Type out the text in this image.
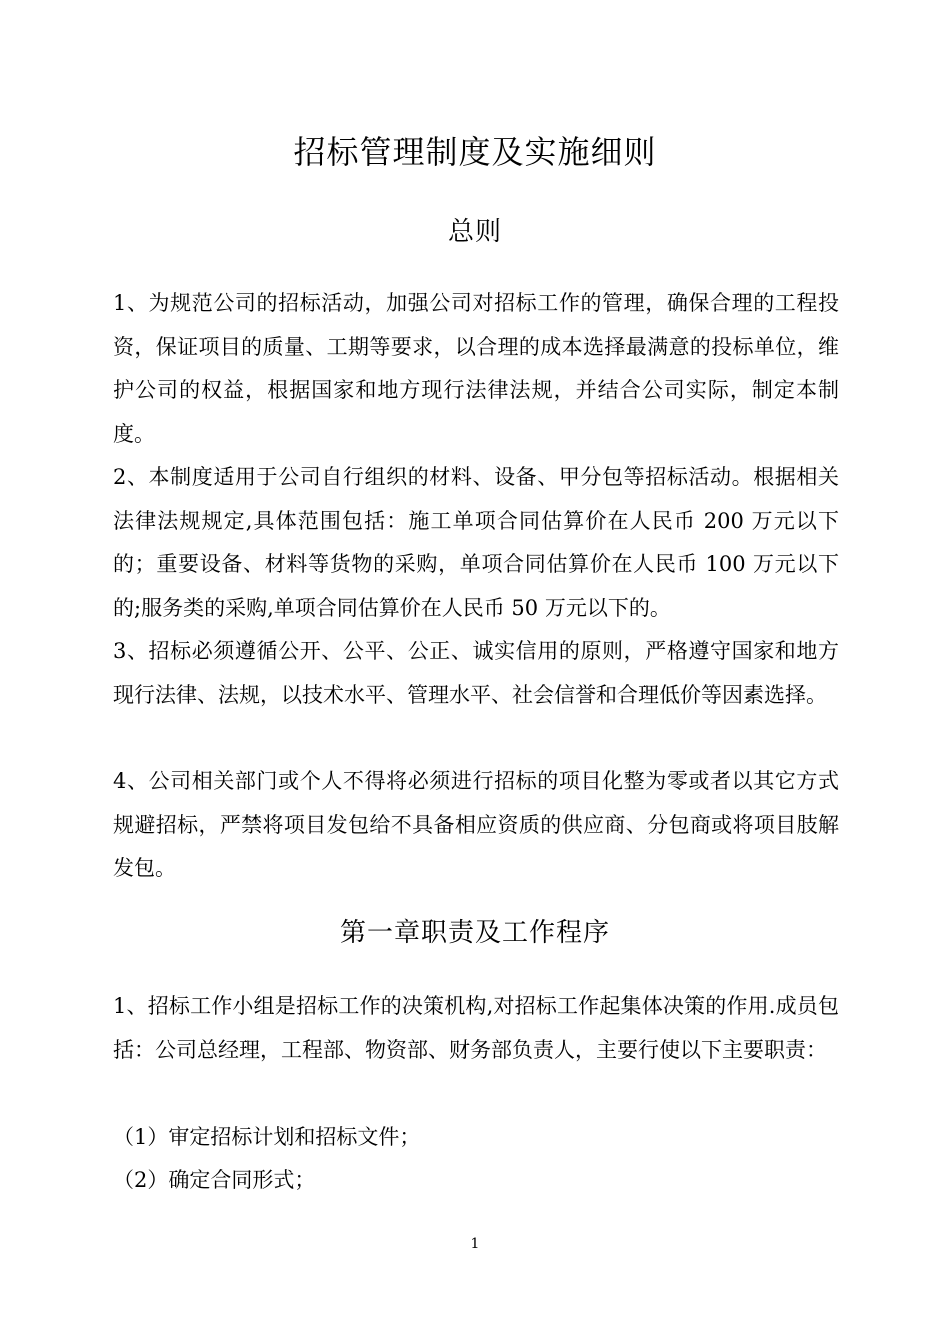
招标管理制度及实施细则
总则
1、为规范公司的招标活动，加强公司对招标工作的管理，确保合理的工程投资，保证项目的质量、工期等要求，以合理的成本选择最满意的投标单位，维护公司的权益，根据国家和地方现行法律法规，并结合公司实际，制定本制度。
2、本制度适用于公司自行组织的材料、设备、甲分包等招标活动。根据相关法律法规规定,具体范围包括：施工单项合同估算价在人民币 200 万元以下的；重要设备、材料等货物的采购，单项合同估算价在人民币 100 万元以下的;服务类的采购,单项合同估算价在人民币 50 万元以下的。
3、招标必须遵循公开、公平、公正、诚实信用的原则，严格遵守国家和地方现行法律、法规，以技术水平、管理水平、社会信誉和合理低价等因素选择。
4、公司相关部门或个人不得将必须进行招标的项目化整为零或者以其它方式规避招标，严禁将项目发包给不具备相应资质的供应商、分包商或将项目肢解发包。
第一章职责及工作程序
1、招标工作小组是招标工作的决策机构,对招标工作起集体决策的作用.成员包括：公司总经理，工程部、物资部、财务部负责人，主要行使以下主要职责：
（1）审定招标计划和招标文件；
（2）确定合同形式；
1
